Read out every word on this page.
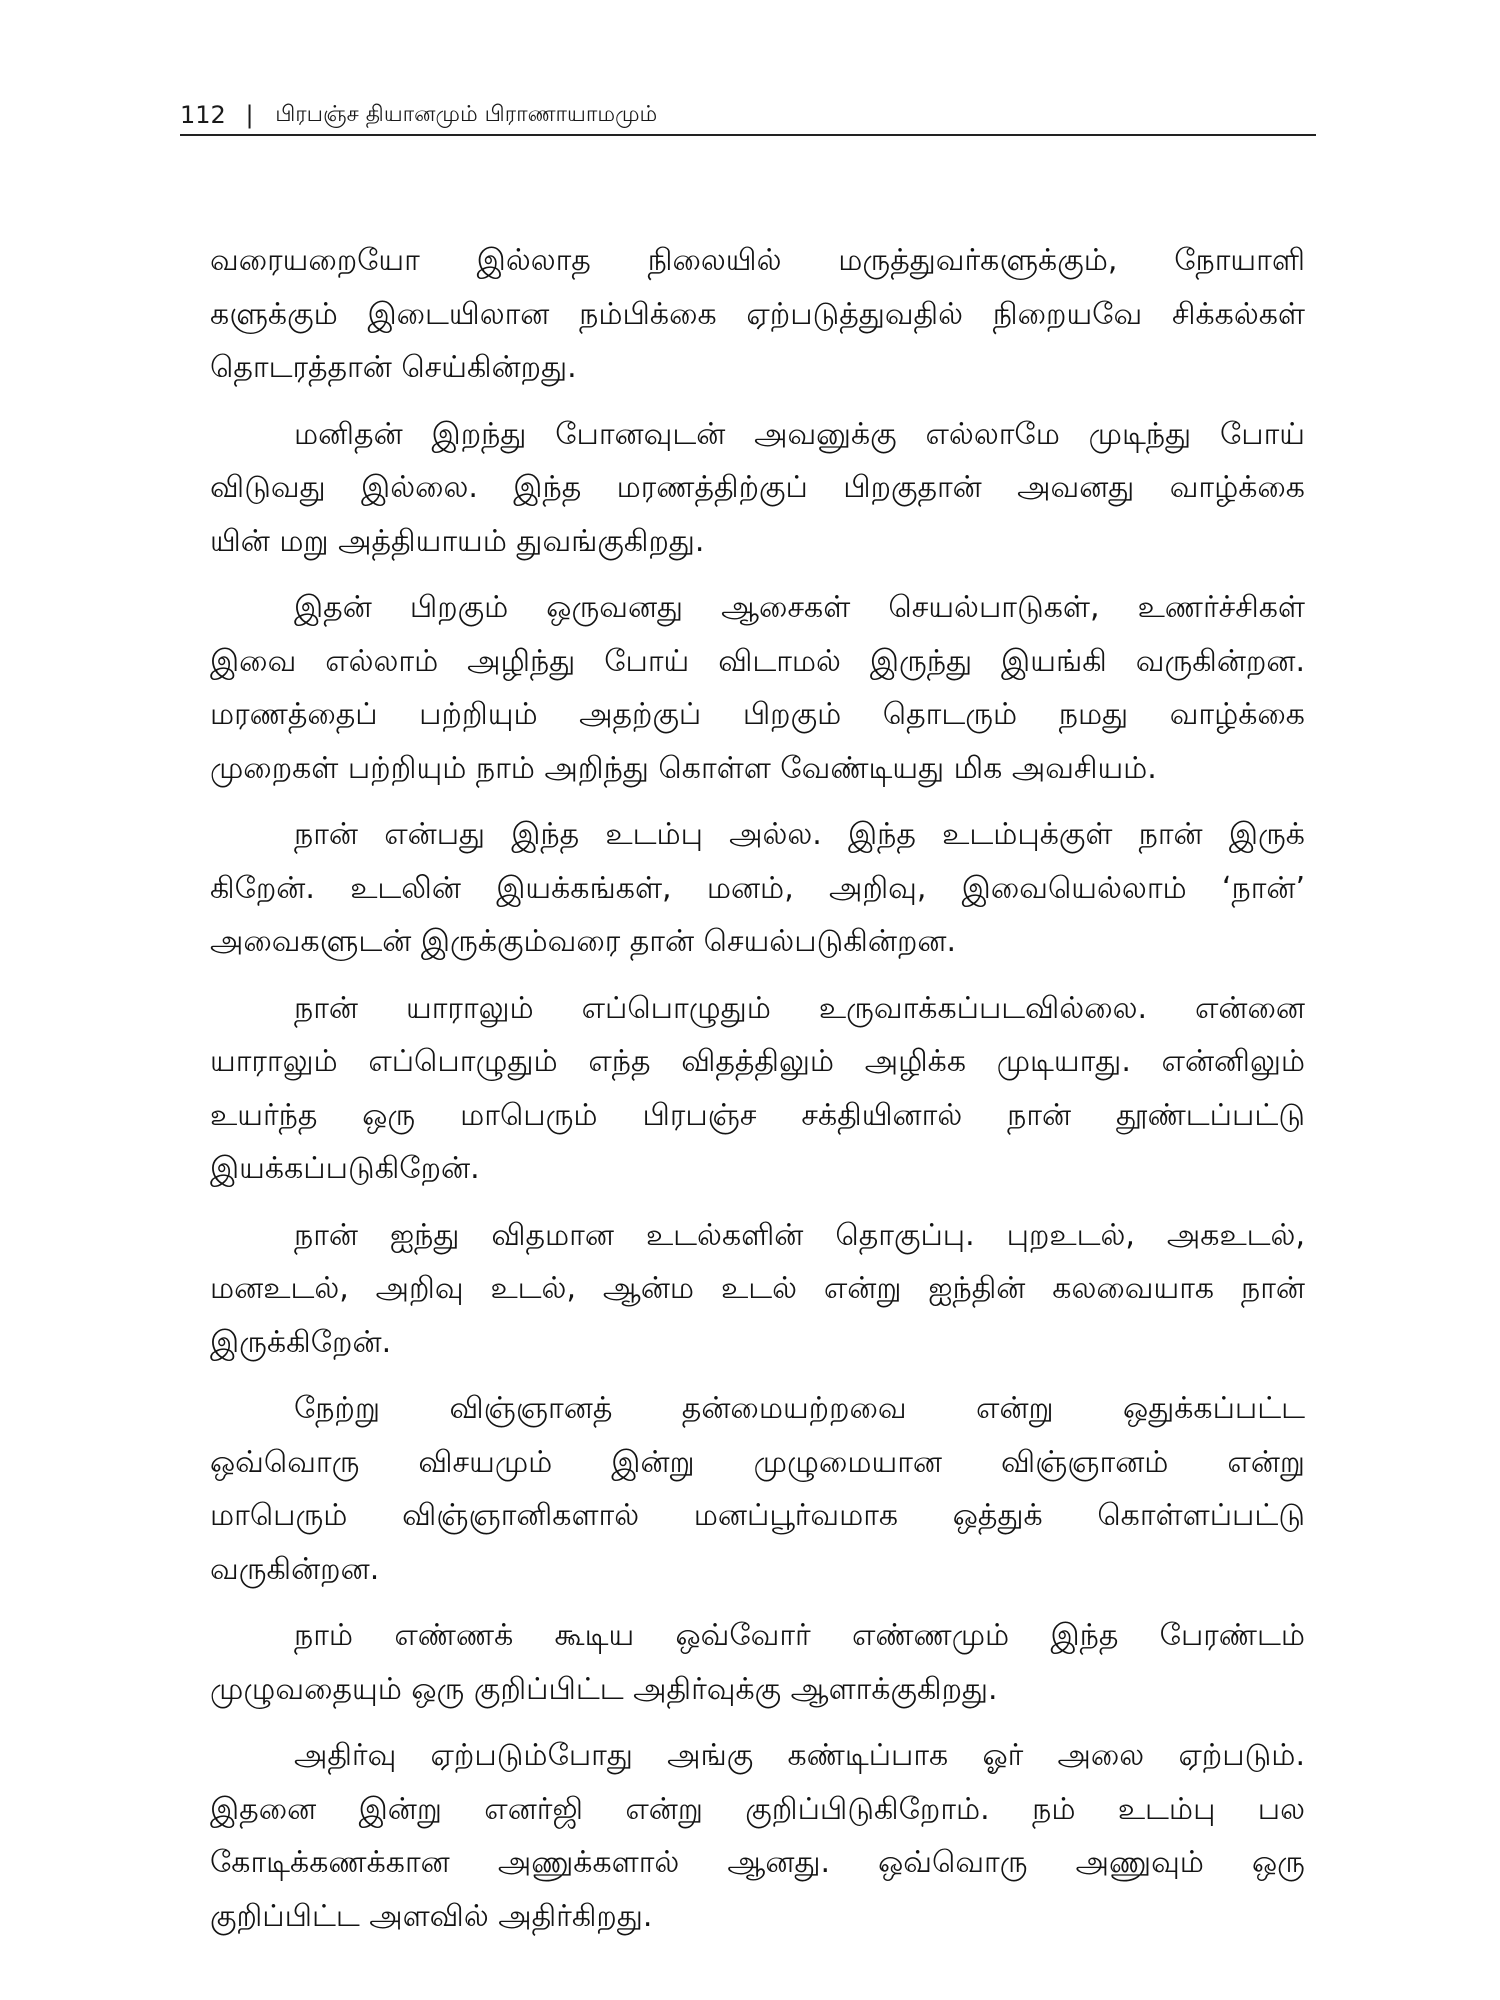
112 | பிரபஞ்ச தியானமும் பிராணாயாமமும்
வரையறையோ இல்லாத நிலையில் மருத்துவர்களுக்கும், நோயாளி
களுக்கும் இடையிலான நம்பிக்கை ஏற்படுத்துவதில் நிறையவே சிக்கல்கள்
தொடரத்தான் செய்கின்றது.
மனிதன் இறந்து போனவுடன் அவனுக்கு எல்லாமே முடிந்து போய்
விடுவது இல்லை. இந்த மரணத்திற்குப் பிறகுதான் அவனது வாழ்க்கை
யின் மறு அத்தியாயம் துவங்குகிறது.
இதன் பிறகும் ஒருவனது ஆசைகள் செயல்பாடுகள், உணர்ச்சிகள்
இவை எல்லாம் அழிந்து போய் விடாமல் இருந்து இயங்கி வருகின்றன.
மரணத்தைப் பற்றியும் அதற்குப் பிறகும் தொடரும் நமது வாழ்க்கை
முறைகள் பற்றியும் நாம் அறிந்து கொள்ள வேண்டியது மிக அவசியம்.
நான் என்பது இந்த உடம்பு அல்ல. இந்த உடம்புக்குள் நான் இருக்
கிறேன். உடலின் இயக்கங்கள், மனம், அறிவு, இவையெல்லாம் ‘நான்’
அவைகளுடன் இருக்கும்வரை தான் செயல்படுகின்றன.
நான் யாராலும் எப்பொழுதும் உருவாக்கப்படவில்லை. என்னை
யாராலும் எப்பொழுதும் எந்த விதத்திலும் அழிக்க முடியாது. என்னிலும்
உயர்ந்த ஒரு மாபெரும் பிரபஞ்ச சக்தியினால் நான் தூண்டப்பட்டு
இயக்கப்படுகிறேன்.
நான் ஐந்து விதமான உடல்களின் தொகுப்பு. புறஉடல், அகஉடல்,
மனஉடல், அறிவு உடல், ஆன்ம உடல் என்று ஐந்தின் கலவையாக நான்
இருக்கிறேன்.
நேற்று விஞ்ஞானத் தன்மையற்றவை என்று ஒதுக்கப்பட்ட
ஒவ்வொரு விசயமும் இன்று முழுமையான விஞ்ஞானம் என்று
மாபெரும் விஞ்ஞானிகளால் மனப்பூர்வமாக ஒத்துக் கொள்ளப்பட்டு
வருகின்றன.
நாம் எண்ணக் கூடிய ஒவ்வோர் எண்ணமும் இந்த பேரண்டம்
முழுவதையும் ஒரு குறிப்பிட்ட அதிர்வுக்கு ஆளாக்குகிறது.
அதிர்வு ஏற்படும்போது அங்கு கண்டிப்பாக ஓர் அலை ஏற்படும்.
இதனை இன்று எனர்ஜி என்று குறிப்பிடுகிறோம். நம் உடம்பு பல
கோடிக்கணக்கான அணுக்களால் ஆனது. ஒவ்வொரு அணுவும் ஒரு
குறிப்பிட்ட அளவில் அதிர்கிறது.
